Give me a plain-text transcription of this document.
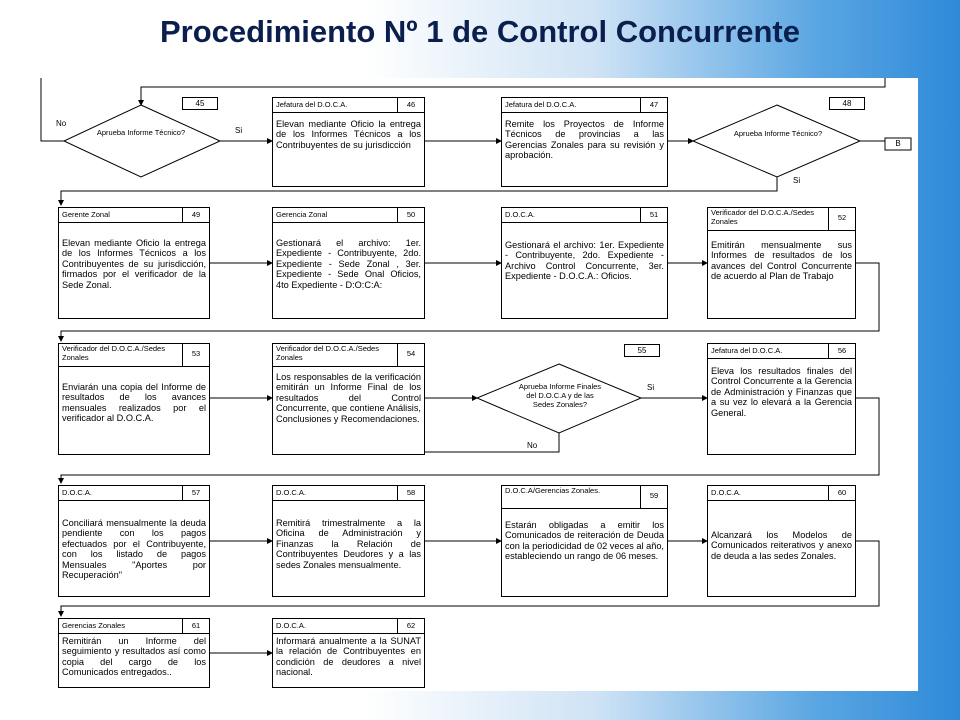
Procedimiento Nº 1 de Control Concurrente
Aprueba Informe Técnico?	Aprueba Informe Técnico?
Aprueba Informe Finales del D.O.C.A y de las Sedes Zonales?
45	48
55
B
No
Si
Si
Si
No
Jefatura del D.O.C.A.	46
Elevan mediante Oficio la entrega de los Informes Técnicos a los Contribuyentes de su jurisdicción
Jefatura del D.O.C.A.	47
Remite los Proyectos de Informe Técnicos de provincias a las Gerencias Zonales para su revisión y aprobación.
Gerente Zonal	49
Elevan mediante Oficio la entrega de los Informes Técnicos a los Contribuyentes de su jurisdicción, firmados por el verificador de la Sede Zonal.
Gerencia Zonal	50
Gestionará el archivo: 1er. Expediente - Contribuyente, 2do. Expediente - Sede Zonal , 3er. Expediente - Sede Onal Oficios, 4to Expediente - D:O:C:A:
D.O.C.A.	51
Gestionará el archivo: 1er. Expediente - Contribuyente, 2do. Expediente - Archivo Control Concurrente, 3er. Expediente - D.O.C.A.: Oficios.
Verificador del D.O.C.A./Sedes Zonales	52
Emitirán mensualmente sus Informes de resultados de los avances del Control Concurrente de acuerdo al Plan de Trabajo
Verificador del D.O.C.A./Sedes Zonales	53
Enviarán una copia del Informe de resultados de los avances mensuales realizados por el verificador al D.O.C.A.
Verificador del D.O.C.A./Sedes Zonales	54
Los responsables de la verificación emitirán un Informe Final de los resultados del Control Concurrente, que contiene Análisis, Conclusiones y Recomendaciones.
Jefatura del D.O.C.A.	56
Eleva los resultados finales del Control Concurrente a la Gerencia de Administración y Finanzas que a su vez lo elevará a la Gerencia General.
D.O.C.A.	57
Conciliará mensualmente la deuda pendiente con los pagos efectuados por el Contribuyente, con los listado de pagos Mensuales "Aportes por Recuperación"
D.O.C.A.	58
Remitirá trimestralmente a la Oficina de Administración y Finanzas la Relación de Contribuyentes Deudores y a las sedes Zonales mensualmente.
D.O.C.A/Gerencias Zonales.
59
Estarán obligadas a emitir los Comunicados de reiteración de Deuda con la periodicidad de 02 veces al año, estableciendo un rango de 06 meses.
D.O.C.A.	60
Alcanzará los Modelos de Comunicados reiterativos y anexo de deuda a las sedes Zonales.
Gerencias Zonales	61
Remitirán un Informe del seguimiento y resultados así como copia del cargo de los Comunicados entregados..
D.O.C.A.	62
Informará anualmente a la SUNAT la relación de Contribuyentes en condición de deudores a nivel nacional.
